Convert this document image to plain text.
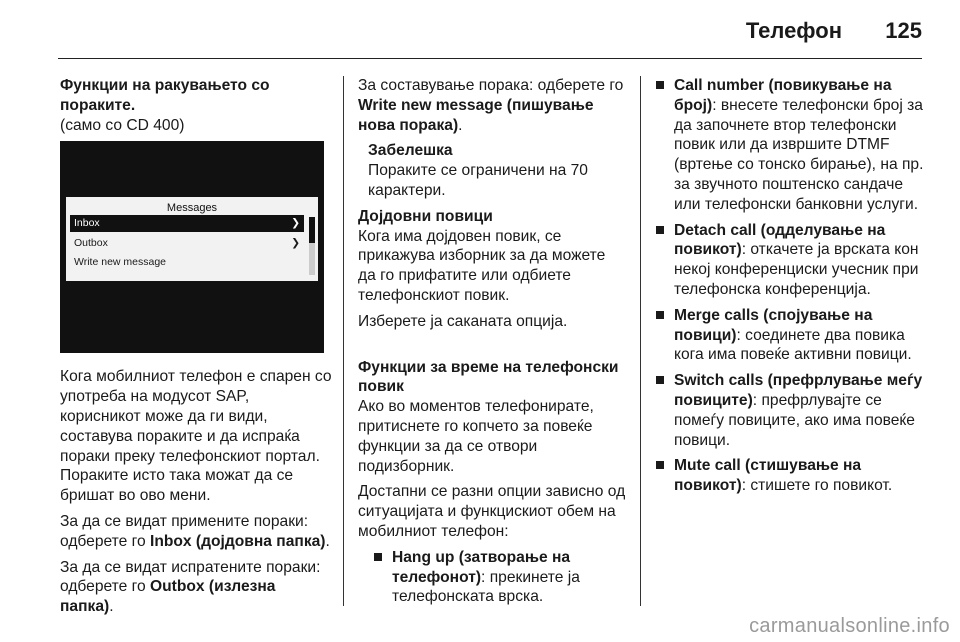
Телефон 125

Функции на ракувањето со пораките.

(само со CD 400)

Messages
Inbox	❯
Outbox	❯
Write new message

Кога мобилниот телефон е спарен со употреба на модусот SAP, корисникот може да ги види, составува пораките и да испраќа пораки преку телефонскиот портал. Пораките исто така можат да се бришат во ово мени.

За да се видат примените пораки: одберете го Inbox (дојдовна папка).

За да се видат испратените пораки: одберете го Outbox (излезна папка).

За составување порака: одберете го Write new message (пишување нова порака).

Забелешка
Пораките се ограничени на 70 карактери.

Дојдовни повици

Кога има дојдовен повик, се прикажува изборник за да можете да го прифатите или одбиете телефонскиот повик.

Изберете ја саканата опција.

Функции за време на телефонски повик

Ако во моментов телефонирате, притиснете го копчето за повеќе функции за да се отвори подизборник.

Достапни се разни опции зависно од ситуацијата и функцискиот обем на мобилниот телефон:

Hang up (затворање на телефонот): прекинете ја телефонската врска.
Call number (повикување на број): внесете телефонски број за да започнете втор телефонски повик или да извршите DTMF (вртење со тонско бирање), на пр. за звучното поштенско сандаче или телефонски банковни услуги.
Detach call (одделување на повикот): откачете ја врската кон некој конференциски учесник при телефонска конференција.
Merge calls (спојување на повици): соединете два повика кога има повеќе активни повици.
Switch calls (префрлување меѓу повиците): префрлувајте се помеѓу повиците, ако има повеќе повици.
Mute call (стишување на повикот): стишете го повикот.
carmanualsonline.info
